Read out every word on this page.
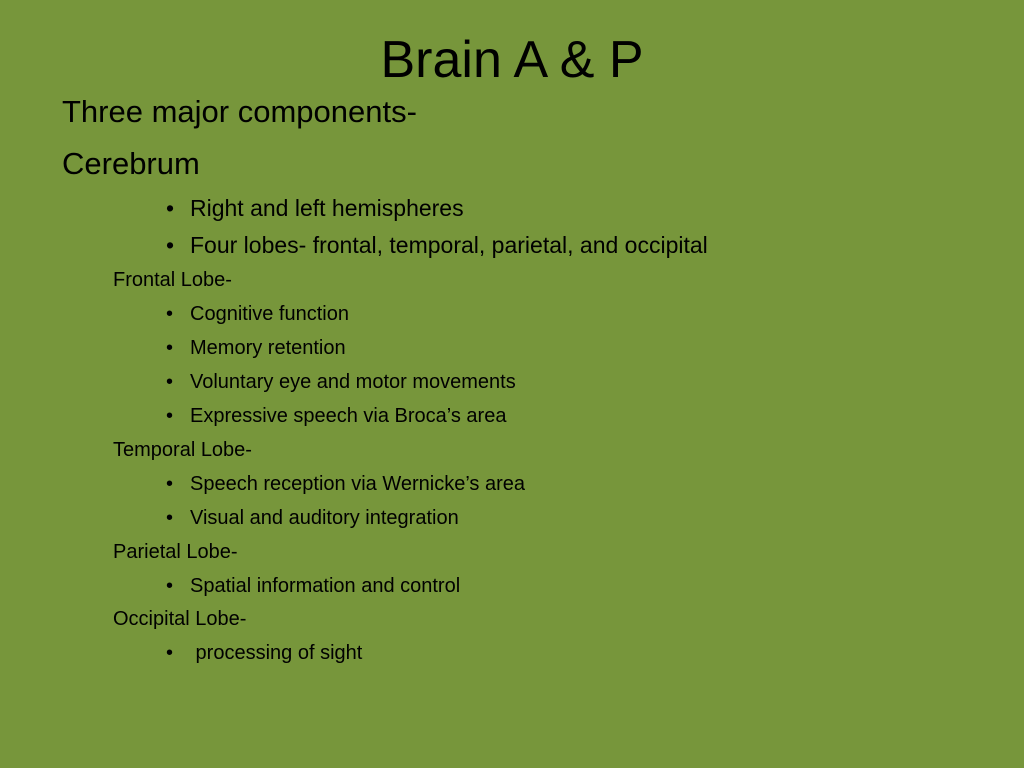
Brain A & P
Three major components-
Cerebrum
• Right and left hemispheres
• Four lobes- frontal, temporal, parietal, and occipital
Frontal Lobe-
• Cognitive function
• Memory retention
• Voluntary eye and motor movements
• Expressive speech via Broca’s area
Temporal Lobe-
• Speech reception via Wernicke’s area
• Visual and auditory integration
Parietal Lobe-
• Spatial information and control
Occipital Lobe-
• processing of sight
